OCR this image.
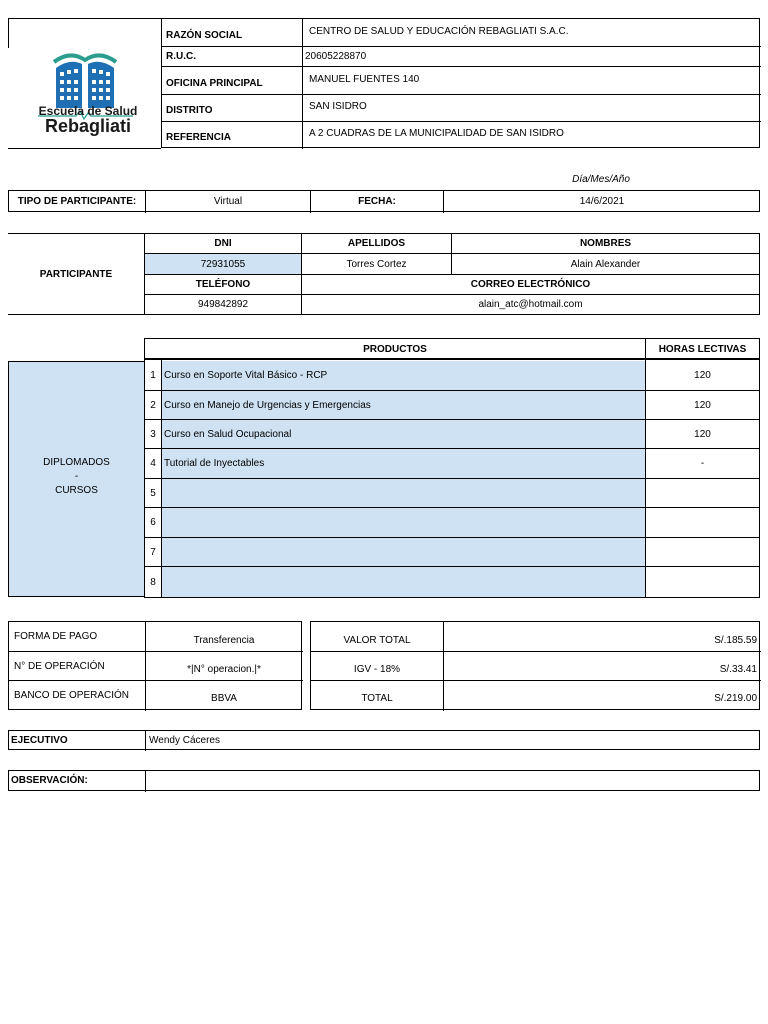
Escuela de Salud
Rebagliati
RAZÓN SOCIAL	CENTRO DE SALUD Y EDUCACIÓN REBAGLIATI S.A.C.
R.U.C.	20605228870
OFICINA PRINCIPAL	MANUEL FUENTES 140
DISTRITO	SAN ISIDRO
REFERENCIA	A 2 CUADRAS DE LA MUNICIPALIDAD DE SAN ISIDRO
Día/Mes/Año
TIPO DE PARTICIPANTE:	Virtual	FECHA:	14/6/2021
PARTICIPANTE
DNI	APELLIDOS	NOMBRES
72931055	Torres Cortez	Alain Alexander
TELÉFONO	CORREO ELECTRÓNICO
949842892	alain_atc@hotmail.com
PRODUCTOS	HORAS LECTIVAS
DIPLOMADOS
-
CURSOS
1 Curso en Soporte Vital Básico - RCP	120
2 Curso en Manejo de Urgencias y Emergencias	120
3 Curso en Salud Ocupacional	120
4 Tutorial de Inyectables	-
5
6
7
8
FORMA DE PAGO	Transferencia
N° DE OPERACIÓN	*|N° operacion.|*
BANCO DE OPERACIÓN	BBVA
VALOR TOTAL	S/.185.59
IGV - 18%	S/.33.41
TOTAL	S/.219.00
EJECUTIVO	Wendy Cáceres
OBSERVACIÓN:
